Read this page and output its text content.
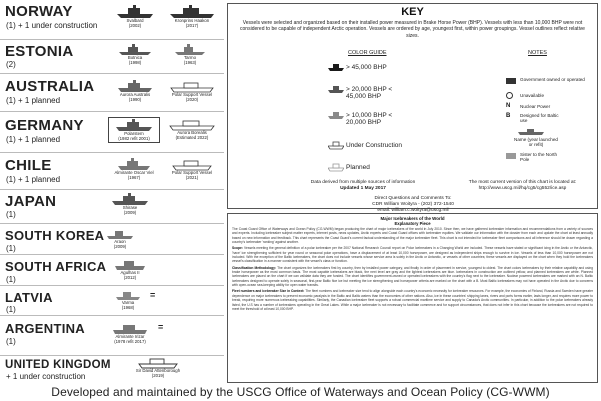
NORWAY
(1) + 1 under construction
Svalbard
(2002)
Kronprins Haakon
(2017)
ESTONIA
(2)
Botnica
(1998)
Tarmo
(1963)
AUSTRALIA
(1) + 1 planned
Aurora Australis
(1990)
Polar Support Vessel
(2020)
GERMANY
(1) + 1 planned
Polarstern
(1982 refit 2001)
Aurora Borealis
(Estimated 2022)
CHILE
(1) + 1 planned
Almirante Oscar Viel
(1967)
Polar Support Vessel
(2021)
JAPAN
(1)
Shirase
(2009)
SOUTH KOREA
(1)
Araon
(2009)
SOUTH AFRICA
(1)
Agulhas II
(2012)
LATVIA
(1)
Varma
(1968)
=
ARGENTINA
(1)
Almirante Irizar
(1978 refit 2017)
=
UNITED KINGDOM
+ 1 under construction
Sir David Attenborough
(2019)
KEY
Vessels were selected and organized based on their installed power measured in Brake Horse Power (BHP). Vessels with less than 10,000 BHP were not considered to be capable of independent Arctic operation. Vessels are ordered by age, youngest first, within power groupings. Vessel outlines reflect relative sizes.
COLOR GUIDE	NOTES
> 45,000 BHP
> 20,000 BHP < 45,000 BHP
> 10,000 BHP < 20,000 BHP
Under Construction
Planned
Government owned or operated
Unavailable
N Nuclear Power
B Designed for Baltic use
Name (year launched or refit)
Sister to the North Pole
Data derived from multiple sources of information
Updated 1 May 2017
The most current version of this chart is located at:
http://www.uscg.mil/hq/cg5/cg552/ice.asp
Direct Questions and Comments To:
CDR William Woityra - (202) 372-1540
email: william.c.woityra@uscg.mil
Major Icebreakers of the World
Explanatory Piece

The Coast Guard Office of Waterways and Ocean Policy (CG-WWM) began producing the chart of major icebreakers of the world in July 2010. Since then, we have gathered icebreaker information and recommendations from a variety of sources and experts. Including icebreaker subject matter experts, internet posts, news updates, Arctic experts and Coast Guard offices with icebreaker equities. We validate our information with the dossier from each and update the chart at least annually based on new information and feedback. This chart represents the Coast Guard's current factual understanding of the major icebreaker fleet. This chart is not intended for icebreaker fleet comparisons and all inference should be drawn regarding a country's icebreaker 'ranking' against another.

Scope: Vessels meeting the general definition of a polar icebreaker per the 2007 National Research Council report on Polar Icebreakers in a Changing World are included. These vessels have stated or significant icing in the Arctic or the Antarctic, 'have' ice strengthening sufficient for year round or seasonal polar operations, have a displacement of at least 10,000 horsepower, are designed as independent ships enough to survive in ice. Vessels of less than 10,000 horsepower are not included. With the exception of the Baltic icebreakers, the chart does not include vessels whose service area is solely in the Arctic or Antarctic, or vessels of other countries; these vessels are displayed on the chart when they hold the icebreakers vessel's classification in a manner consistent with the vessel's class or function.

Classification Methodology: The chart organizes the icebreakers first by country, then by installed power category, and finally in order of placement in service, youngest to oldest. The chart colors icebreakers by their relative capability and using brake horsepower as the most common basis. The most capable icebreakers are black, the next level are gray and the lightest icebreakers are blue. Icebreakers in construction are outlined yellow, and planned icebreakers are white. Planned icebreakers are placed on the chart if we can validate data they are funded. The chart identifies government-owned or operated icebreakers with the country's flag next to the icebreaker. Nuclear powered icebreakers are marked with an N. Baltic icebreakers designed to operate solely in seasonal, first-year Baltic floe ice but meeting the ice strengthening and horsepower criteria are marked on the chart with a B. Most Baltic icebreakers may not have operated in the Arctic due to concerns with open-ocean sea-keeping ability for open water transits.

Fleet numbers and icebreaker Size in Context: The fleet numbers and icebreaker size tend to align alongside each country's economic necessity for icebreaker resources. For example, the economies of Finland, Russia and Sweden have greater dependence on major icebreakers to prevent economic paralysis in the Baltic and Baltic waters than the economies of other nations. Also, ice in these countries' shipping lanes, rivers and ports forms earlier, lasts longer, and requires more power to break, requiring more numerous icebreaking capabilities. Similarly, the Canadian icebreaker fleet supports a robust commercial maritime service and supply to Canada's Arctic communities. In particular, in addition to the polar icebreakers already listed, the U.S has a number of icebreakers operating in the Great Lakes. While a major icebreaker is not necessary to facilitate commerce and for support circumstances, that does not infer in this chart because the icebreakers are not required to meet the threshold of at least 10,000 BHP.

Developed and maintained by the USCG Office of Waterways and Ocean Policy (CG-WWM)
